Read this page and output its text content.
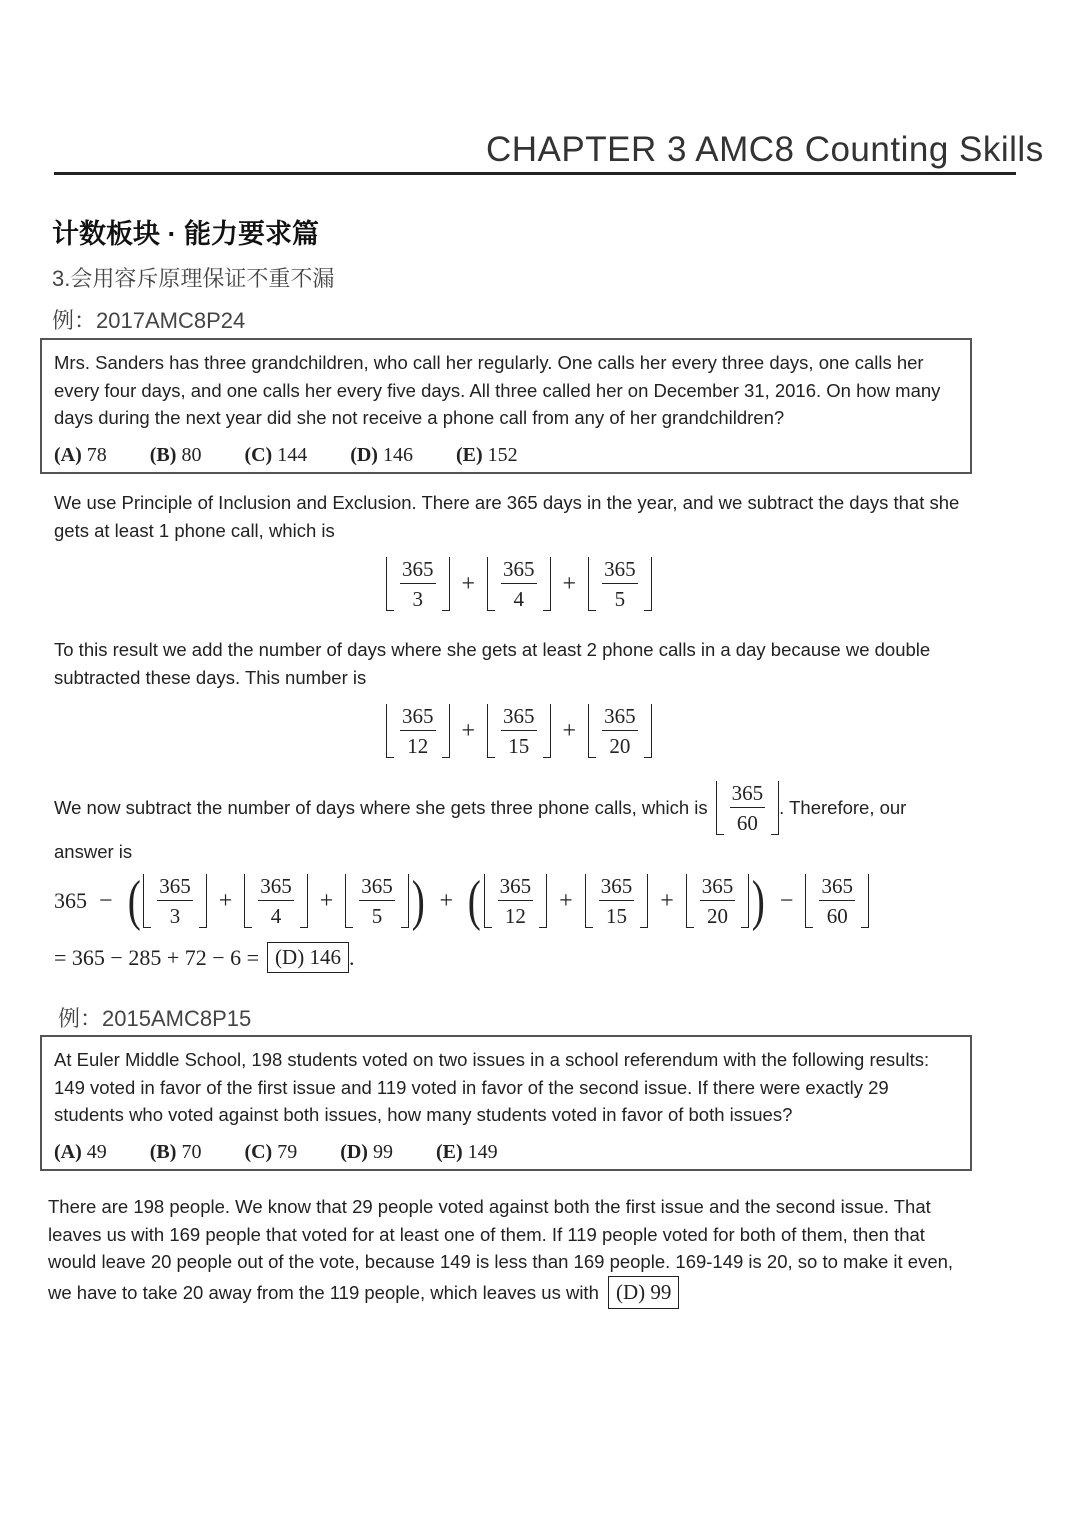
CHAPTER 3 AMC8 Counting Skills
计数板块 · 能力要求篇
3.会用容斥原理保证不重不漏
例：2017AMC8P24
Mrs. Sanders has three grandchildren, who call her regularly. One calls her every three days, one calls her every four days, and one calls her every five days. All three called her on December 31, 2016. On how many days during the next year did she not receive a phone call from any of her grandchildren?
(A) 78 (B) 80 (C) 144 (D) 146 (E) 152
We use Principle of Inclusion and Exclusion. There are 365 days in the year, and we subtract the days that she gets at least 1 phone call, which is
$\frac{365}{3} + \frac{365}{4} + \frac{365}{5}$
To this result we add the number of days where she gets at least 2 phone calls in a day because we double subtracted these days. This number is
$\frac{365}{12} + \frac{365}{15} + \frac{365}{20}$
We now subtract the number of days where she gets three phone calls, which is $\frac{365}{60}$ . Therefore, our
answer is
365 − ( $\frac{365}{3} + \frac{365}{4} + \frac{365}{5}$ ) + ( $\frac{365}{12} + \frac{365}{15} + \frac{365}{20}$ ) − $\frac{365}{60}$
= 365 − 285 + 72 − 6 = (D) 146 .
例：2015AMC8P15
At Euler Middle School, 198 students voted on two issues in a school referendum with the following results: 149 voted in favor of the first issue and 119 voted in favor of the second issue. If there were exactly 29 students who voted against both issues, how many students voted in favor of both issues?
(A) 49 (B) 70 (C) 79 (D) 99 (E) 149
There are 198 people. We know that 29 people voted against both the first issue and the second issue. That leaves us with 169 people that voted for at least one of them. If 119 people voted for both of them, then that would leave 20 people out of the vote, because 149 is less than 169 people. 169-149 is 20, so to make it even, we have to take 20 away from the 119 people, which leaves us with (D) 99
